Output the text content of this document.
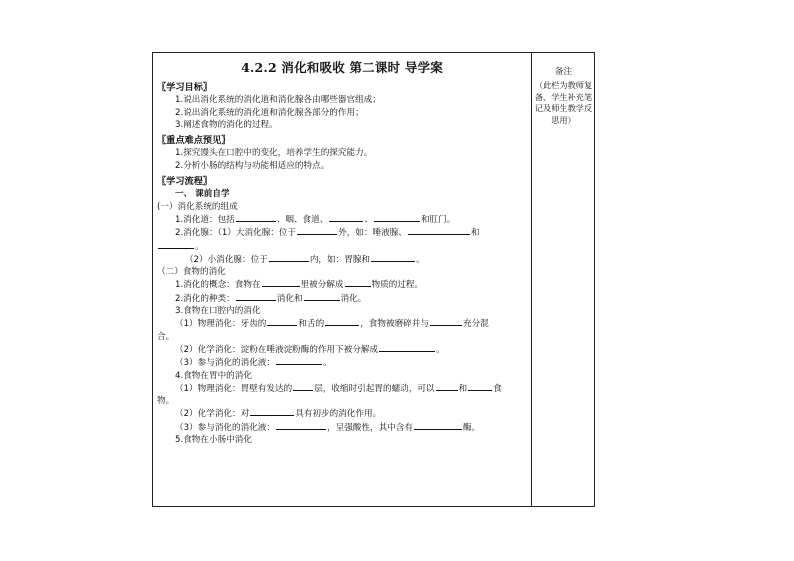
4.2.2 消化和吸收 第二课时 导学案
〖学习目标〗
1.说出消化系统的消化道和消化腺各由哪些器官组成；
2.说出消化系统的消化道和消化腺各部分的作用；
3.阐述食物的消化的过程。
〖重点难点预见〗
1.探究馒头在口腔中的变化，培养学生的探究能力。
2.分析小肠的结构与功能相适应的特点。
〖学习流程〗
一、 课前自学
(一）消化系统的组成
1.消化道：包括	、咽、食道、	、	和肛门。
2.消化腺：（1）大消化腺：位于	外，如：唾液腺、	和
。
（2）小消化腺：位于	内，如：胃腺和	。
（二）食物的消化
1.消化的概念：食物在	里被分解成	物质的过程。
2.消化的种类：	消化和	消化。
3.食物在口腔内的消化
（1）物理消化：牙齿的	和舌的	，食物被磨碎并与	充分混
合。
（2）化学消化：淀粉在唾液淀粉酶的作用下被分解成	。
（3）参与消化的消化液：	。
4.食物在胃中的消化
（1）物理消化：胃壁有发达的	层，收缩时引起胃的蠕动，可以	和	食
物。
（2）化学消化：对	具有初步的消化作用。
（3）参与消化的消化液：	，呈强酸性，其中含有	酶。
5.食物在小肠中消化
备注
（此栏为教师复备、学生补充笔记及师生教学反思用）
